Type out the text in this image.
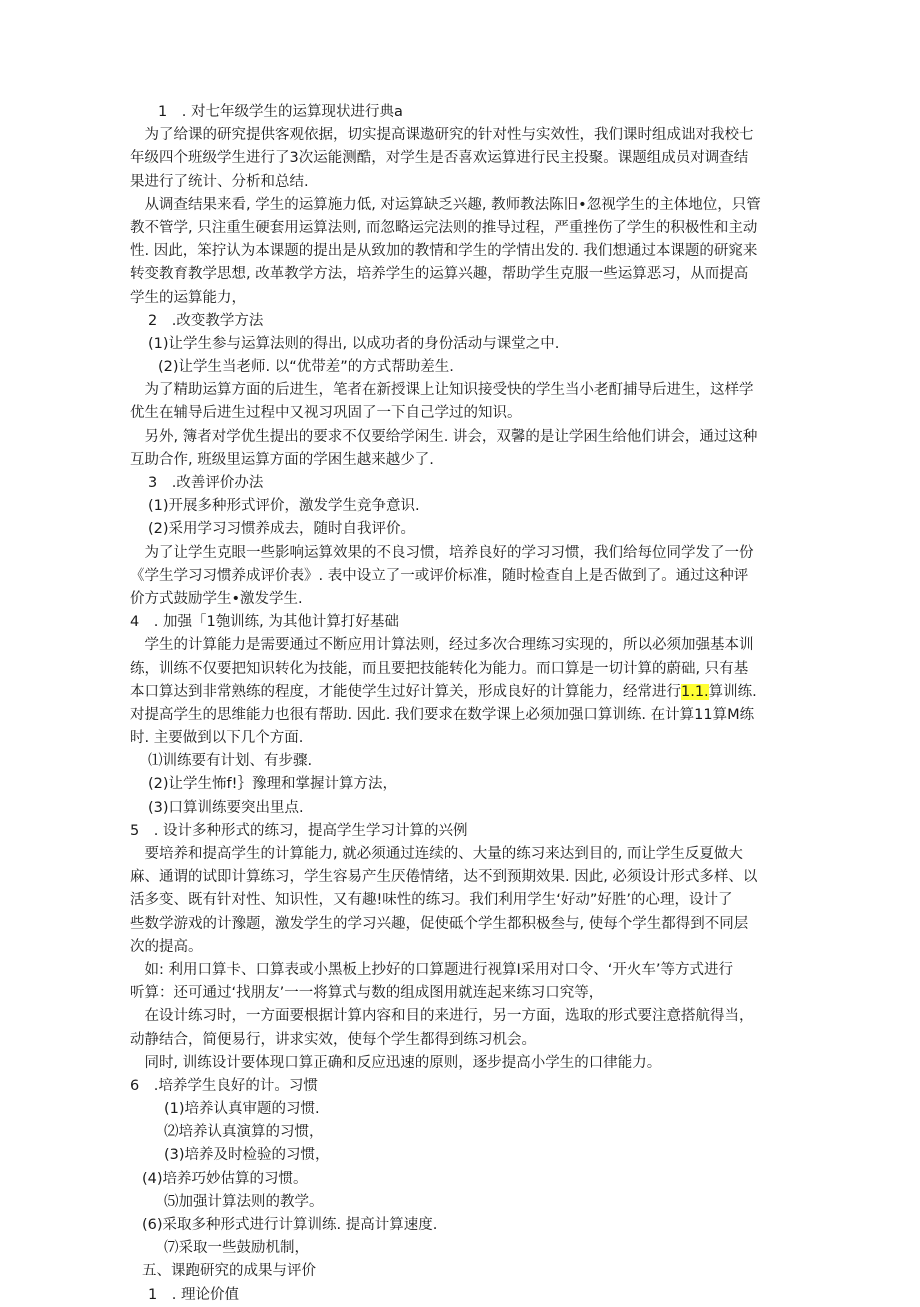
1　. 对七年级学生的运算现状进行典a
　为了给课的研究提供客观依据，切实提高课遨研究的针对性与实效性，我们课时组成诎对我校七
年级四个班级学生进行了3次运能测酷，对学生是否喜欢运算进行民主投聚。课题组成员对调查结
果进行了统计、分析和总结.
　从调查结果来看, 学生的运算施力低, 对运算缺乏兴趣, 教师教法陈旧•忽视学生的主体地位，只管
教不管学, 只注重生硬套用运算法则, 而忽略运完法则的推导过程，严重挫伤了学生的积极性和主动
性. 因此，笨拧认为本课题的提出是从致加的教情和学生的学情出发的. 我们想通过本课题的研窕来
转变教育教学思想, 改革教学方法，培养学生的运算兴趣，帮助学生克服一些运算恶习，从而提高
学生的运算能力，
2　.改变教学方法
(1)让学生参与运算法则的得出, 以成功者的身份活动与课堂之中.
(2)让学生当老师. 以“优带差”的方式帮助差生.
　为了精助运算方面的后进生，笔者在新授课上让知识接受快的学生当小老酊捕导后进生，这样学
优生在辅导后进生过程中又视习巩固了一下自己学过的知识。
　另外, 簿者对学优生提出的要求不仅要给学闲生. 讲会，双馨的是让学困生给他们讲会，通过这种
互助合作, 班级里运算方面的学困生越来越少了.
3　.改善评价办法
(1)开展多种形式评价，激发学生竞争意识.
(2)采用学习习惯养成去，随时自我评价。
　为了让学生克眼一些影响运算效果的不良习惯，培养良好的学习习惯，我们给每位同学发了一份
《学生学习习惯养成评价表》. 表中设立了一或评价标准，随时检查自上是否做到了。通过这种评
价方式鼓励学生•激发学生.
4　. 加强「1匏训练, 为其他计算打好基础
　学生的计算能力是需要通过不断应用计算法则，经过多次合理练习实现的，所以必须加强基本训
练，训练不仅要把知识转化为技能，而且要把技能转化为能力。而口算是一切计算的蔚础, 只有基
本口算达到非常熟练的程度，才能使学生过好计算关，形成良好的计算能力，经常进行1.1.算训练.
对提高学生的思维能力也很有帮助. 因此. 我们要求在数学课上必须加强口算训练. 在计算11算M练
时. 主要做到以下几个方面.
⑴训练要有计划、有步骤.
(2)让学生怖f!｝豫理和掌握计算方法，
(3)口算训练要突出里点.
5　. 设计多种形式的练习，提高学生学习计算的兴例
　要培养和提高学生的计算能力, 就必须通过连续的、大量的练习来达到目的, 而让学生反夏做大
麻、通谓的试即计算练习，学生容易产生厌倦情绪，达不到预期效果. 因此, 必须设计形式多样、以
活多变、既有针对性、知识性，又有趣!味性的练习。我们利用学生‘好动”好胜’的心理，设计了
些数学游戏的计豫题，激发学生的学习兴趣，促使砥个学生都积极叁与, 使每个学生都得到不同层
次的提高。
　如: 利用口算卡、口算表或小黑板上抄好的口算题进行视算I采用对口令、‘开火车’等方式进行
听算：还可通过‘找朋友’一一将算式与数的组成图用就连起来练习口究等，
　在设计练习时，一方面要根据计算内容和目的来进行，另一方面，选取的形式要注意搭航得当，
动静结合，简便易行，讲求实效，使每个学生都得到练习机会。
　同时, 训练设计要体现口算正确和反应迅速的原则，逐步提高小学生的口律能力。
6　.培养学生良好的计。习惯
(1)培养认真审题的习惯.
⑵培养认真演算的习惯，
(3)培养及时检验的习惯，
(4)培养巧妙估算的习惯。
⑸加强计算法则的教学。
(6)采取多种形式进行计算训练. 提高计算速度.
⑺采取一些鼓励机制，
五、课跑研究的成果与评价
1　. 理论价值
